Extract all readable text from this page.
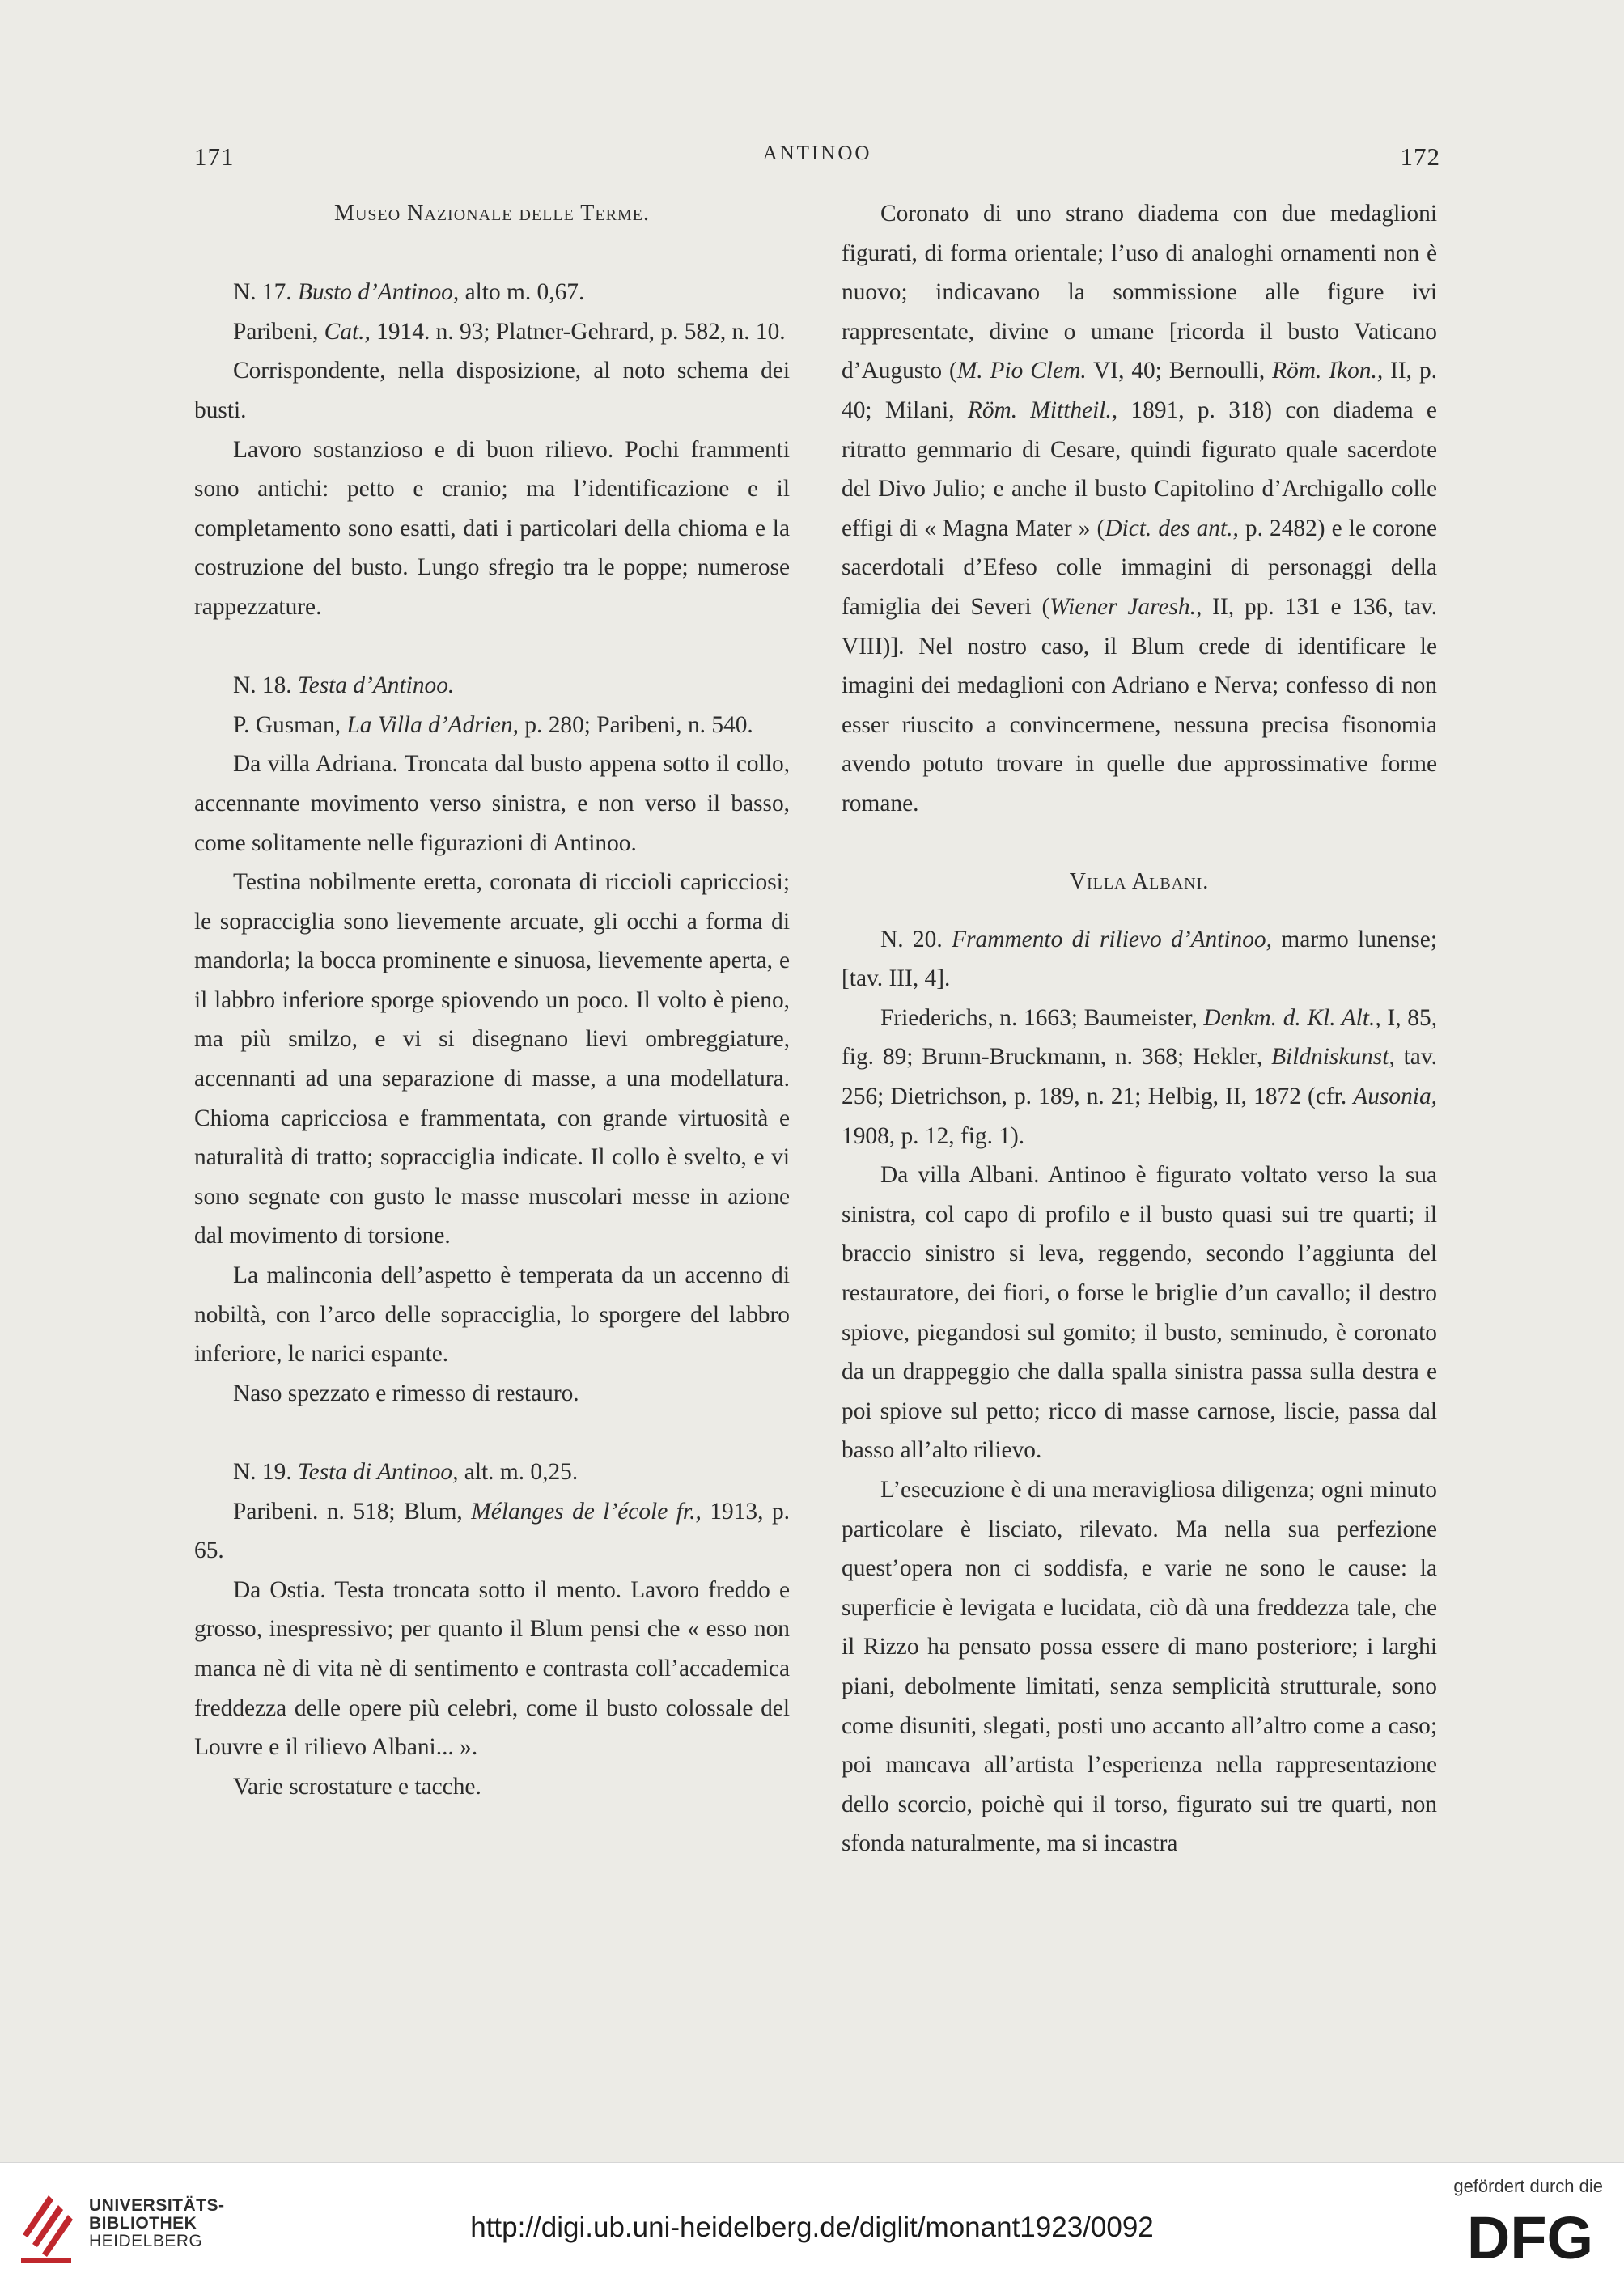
171	ANTINOO	172

Museo Nazionale delle Terme.

N. 17. Busto d’Antinoo, alto m. 0,67.

Paribeni, Cat., 1914. n. 93; Platner-Gehrard, p. 582, n. 10.

Corrispondente, nella disposizione, al noto schema dei busti.

Lavoro sostanzioso e di buon rilievo. Pochi frammenti sono antichi: petto e cranio; ma l’identificazione e il completamento sono esatti, dati i particolari della chioma e la costruzione del busto. Lungo sfregio tra le poppe; numerose rappezzature.

N. 18. Testa d’Antinoo.

P. Gusman, La Villa d’Adrien, p. 280; Paribeni, n. 540.

Da villa Adriana. Troncata dal busto appena sotto il collo, accennante movimento verso sinistra, e non verso il basso, come solitamente nelle figurazioni di Antinoo.

Testina nobilmente eretta, coronata di riccioli capricciosi; le sopracciglia sono lievemente arcuate, gli occhi a forma di mandorla; la bocca prominente e sinuosa, lievemente aperta, e il labbro inferiore sporge spiovendo un poco. Il volto è pieno, ma più smilzo, e vi si disegnano lievi ombreggiature, accennanti ad una separazione di masse, a una modellatura. Chioma capricciosa e frammentata, con grande virtuosità e naturalità di tratto; sopracciglia indicate. Il collo è svelto, e vi sono segnate con gusto le masse muscolari messe in azione dal movimento di torsione.

La malinconia dell’aspetto è temperata da un accenno di nobiltà, con l’arco delle sopracciglia, lo sporgere del labbro inferiore, le narici espante.

Naso spezzato e rimesso di restauro.

N. 19. Testa di Antinoo, alt. m. 0,25.

Paribeni. n. 518; Blum, Mélanges de l’école fr., 1913, p. 65.

Da Ostia. Testa troncata sotto il mento. Lavoro freddo e grosso, inespressivo; per quanto il Blum pensi che « esso non manca nè di vita nè di sentimento e contrasta coll’accademica freddezza delle opere più celebri, come il busto colossale del Louvre e il rilievo Albani... ».

Varie scrostature e tacche.

Coronato di uno strano diadema con due medaglioni figurati, di forma orientale; l’uso di analoghi ornamenti non è nuovo; indicavano la sommissione alle figure ivi rappresentate, divine o umane [ricorda il busto Vaticano d’Augusto (M. Pio Clem. VI, 40; Bernoulli, Röm. Ikon., II, p. 40; Milani, Röm. Mittheil., 1891, p. 318) con diadema e ritratto gemmario di Cesare, quindi figurato quale sacerdote del Divo Julio; e anche il busto Capitolino d’Archigallo colle effigi di « Magna Mater » (Dict. des ant., p. 2482) e le corone sacerdotali d’Efeso colle immagini di personaggi della famiglia dei Severi (Wiener Jaresh., II, pp. 131 e 136, tav. VIII)]. Nel nostro caso, il Blum crede di identificare le imagini dei medaglioni con Adriano e Nerva; confesso di non esser riuscito a convincermene, nessuna precisa fisonomia avendo potuto trovare in quelle due approssimative forme romane.

Villa Albani.

N. 20. Frammento di rilievo d’Antinoo, marmo lunense; [tav. III, 4].

Friederichs, n. 1663; Baumeister, Denkm. d. Kl. Alt., I, 85, fig. 89; Brunn-Bruckmann, n. 368; Hekler, Bildniskunst, tav. 256; Dietrichson, p. 189, n. 21; Helbig, II, 1872 (cfr. Ausonia, 1908, p. 12, fig. 1).

Da villa Albani. Antinoo è figurato voltato verso la sua sinistra, col capo di profilo e il busto quasi sui tre quarti; il braccio sinistro si leva, reggendo, secondo l’aggiunta del restauratore, dei fiori, o forse le briglie d’un cavallo; il destro spiove, piegandosi sul gomito; il busto, seminudo, è coronato da un drappeggio che dalla spalla sinistra passa sulla destra e poi spiove sul petto; ricco di masse carnose, liscie, passa dal basso all’alto rilievo.

L’esecuzione è di una meravigliosa diligenza; ogni minuto particolare è lisciato, rilevato. Ma nella sua perfezione quest’opera non ci soddisfa, e varie ne sono le cause: la superficie è levigata e lucidata, ciò dà una freddezza tale, che il Rizzo ha pensato possa essere di mano posteriore; i larghi piani, debolmente limitati, senza semplicità strutturale, sono come disuniti, slegati, posti uno accanto all’altro come a caso; poi mancava all’artista l’esperienza nella rappresentazione dello scorcio, poichè qui il torso, figurato sui tre quarti, non sfonda naturalmente, ma si incastra

UNIVERSITÄTS-
BIBLIOTHEK
HEIDELBERG	http://digi.ub.uni-heidelberg.de/diglit/monant1923/0092
gefördert durch die
DFG
